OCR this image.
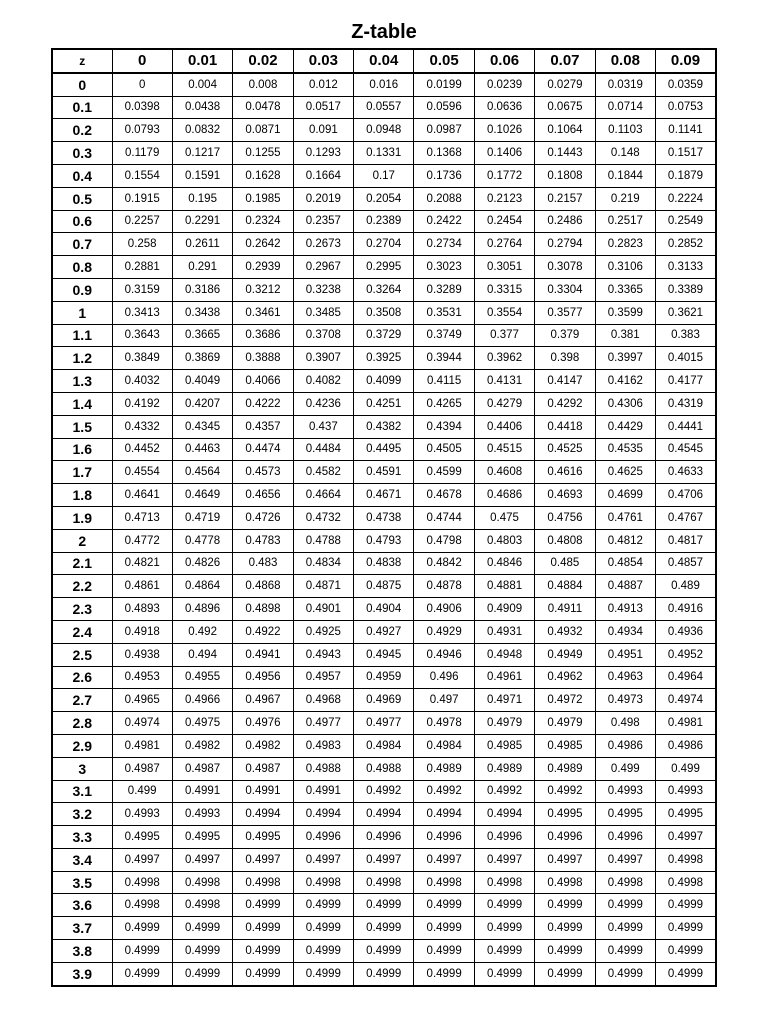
Z-table
z	0	0.01	0.02	0.03	0.04	0.05	0.06	0.07	0.08	0.09
0	0	0.004	0.008	0.012	0.016	0.0199	0.0239	0.0279	0.0319	0.0359
0.1	0.0398	0.0438	0.0478	0.0517	0.0557	0.0596	0.0636	0.0675	0.0714	0.0753
0.2	0.0793	0.0832	0.0871	0.091	0.0948	0.0987	0.1026	0.1064	0.1103	0.1141
0.3	0.1179	0.1217	0.1255	0.1293	0.1331	0.1368	0.1406	0.1443	0.148	0.1517
0.4	0.1554	0.1591	0.1628	0.1664	0.17	0.1736	0.1772	0.1808	0.1844	0.1879
0.5	0.1915	0.195	0.1985	0.2019	0.2054	0.2088	0.2123	0.2157	0.219	0.2224
0.6	0.2257	0.2291	0.2324	0.2357	0.2389	0.2422	0.2454	0.2486	0.2517	0.2549
0.7	0.258	0.2611	0.2642	0.2673	0.2704	0.2734	0.2764	0.2794	0.2823	0.2852
0.8	0.2881	0.291	0.2939	0.2967	0.2995	0.3023	0.3051	0.3078	0.3106	0.3133
0.9	0.3159	0.3186	0.3212	0.3238	0.3264	0.3289	0.3315	0.3304	0.3365	0.3389
1	0.3413	0.3438	0.3461	0.3485	0.3508	0.3531	0.3554	0.3577	0.3599	0.3621
1.1	0.3643	0.3665	0.3686	0.3708	0.3729	0.3749	0.377	0.379	0.381	0.383
1.2	0.3849	0.3869	0.3888	0.3907	0.3925	0.3944	0.3962	0.398	0.3997	0.4015
1.3	0.4032	0.4049	0.4066	0.4082	0.4099	0.4115	0.4131	0.4147	0.4162	0.4177
1.4	0.4192	0.4207	0.4222	0.4236	0.4251	0.4265	0.4279	0.4292	0.4306	0.4319
1.5	0.4332	0.4345	0.4357	0.437	0.4382	0.4394	0.4406	0.4418	0.4429	0.4441
1.6	0.4452	0.4463	0.4474	0.4484	0.4495	0.4505	0.4515	0.4525	0.4535	0.4545
1.7	0.4554	0.4564	0.4573	0.4582	0.4591	0.4599	0.4608	0.4616	0.4625	0.4633
1.8	0.4641	0.4649	0.4656	0.4664	0.4671	0.4678	0.4686	0.4693	0.4699	0.4706
1.9	0.4713	0.4719	0.4726	0.4732	0.4738	0.4744	0.475	0.4756	0.4761	0.4767
2	0.4772	0.4778	0.4783	0.4788	0.4793	0.4798	0.4803	0.4808	0.4812	0.4817
2.1	0.4821	0.4826	0.483	0.4834	0.4838	0.4842	0.4846	0.485	0.4854	0.4857
2.2	0.4861	0.4864	0.4868	0.4871	0.4875	0.4878	0.4881	0.4884	0.4887	0.489
2.3	0.4893	0.4896	0.4898	0.4901	0.4904	0.4906	0.4909	0.4911	0.4913	0.4916
2.4	0.4918	0.492	0.4922	0.4925	0.4927	0.4929	0.4931	0.4932	0.4934	0.4936
2.5	0.4938	0.494	0.4941	0.4943	0.4945	0.4946	0.4948	0.4949	0.4951	0.4952
2.6	0.4953	0.4955	0.4956	0.4957	0.4959	0.496	0.4961	0.4962	0.4963	0.4964
2.7	0.4965	0.4966	0.4967	0.4968	0.4969	0.497	0.4971	0.4972	0.4973	0.4974
2.8	0.4974	0.4975	0.4976	0.4977	0.4977	0.4978	0.4979	0.4979	0.498	0.4981
2.9	0.4981	0.4982	0.4982	0.4983	0.4984	0.4984	0.4985	0.4985	0.4986	0.4986
3	0.4987	0.4987	0.4987	0.4988	0.4988	0.4989	0.4989	0.4989	0.499	0.499
3.1	0.499	0.4991	0.4991	0.4991	0.4992	0.4992	0.4992	0.4992	0.4993	0.4993
3.2	0.4993	0.4993	0.4994	0.4994	0.4994	0.4994	0.4994	0.4995	0.4995	0.4995
3.3	0.4995	0.4995	0.4995	0.4996	0.4996	0.4996	0.4996	0.4996	0.4996	0.4997
3.4	0.4997	0.4997	0.4997	0.4997	0.4997	0.4997	0.4997	0.4997	0.4997	0.4998
3.5	0.4998	0.4998	0.4998	0.4998	0.4998	0.4998	0.4998	0.4998	0.4998	0.4998
3.6	0.4998	0.4998	0.4999	0.4999	0.4999	0.4999	0.4999	0.4999	0.4999	0.4999
3.7	0.4999	0.4999	0.4999	0.4999	0.4999	0.4999	0.4999	0.4999	0.4999	0.4999
3.8	0.4999	0.4999	0.4999	0.4999	0.4999	0.4999	0.4999	0.4999	0.4999	0.4999
3.9	0.4999	0.4999	0.4999	0.4999	0.4999	0.4999	0.4999	0.4999	0.4999	0.4999
